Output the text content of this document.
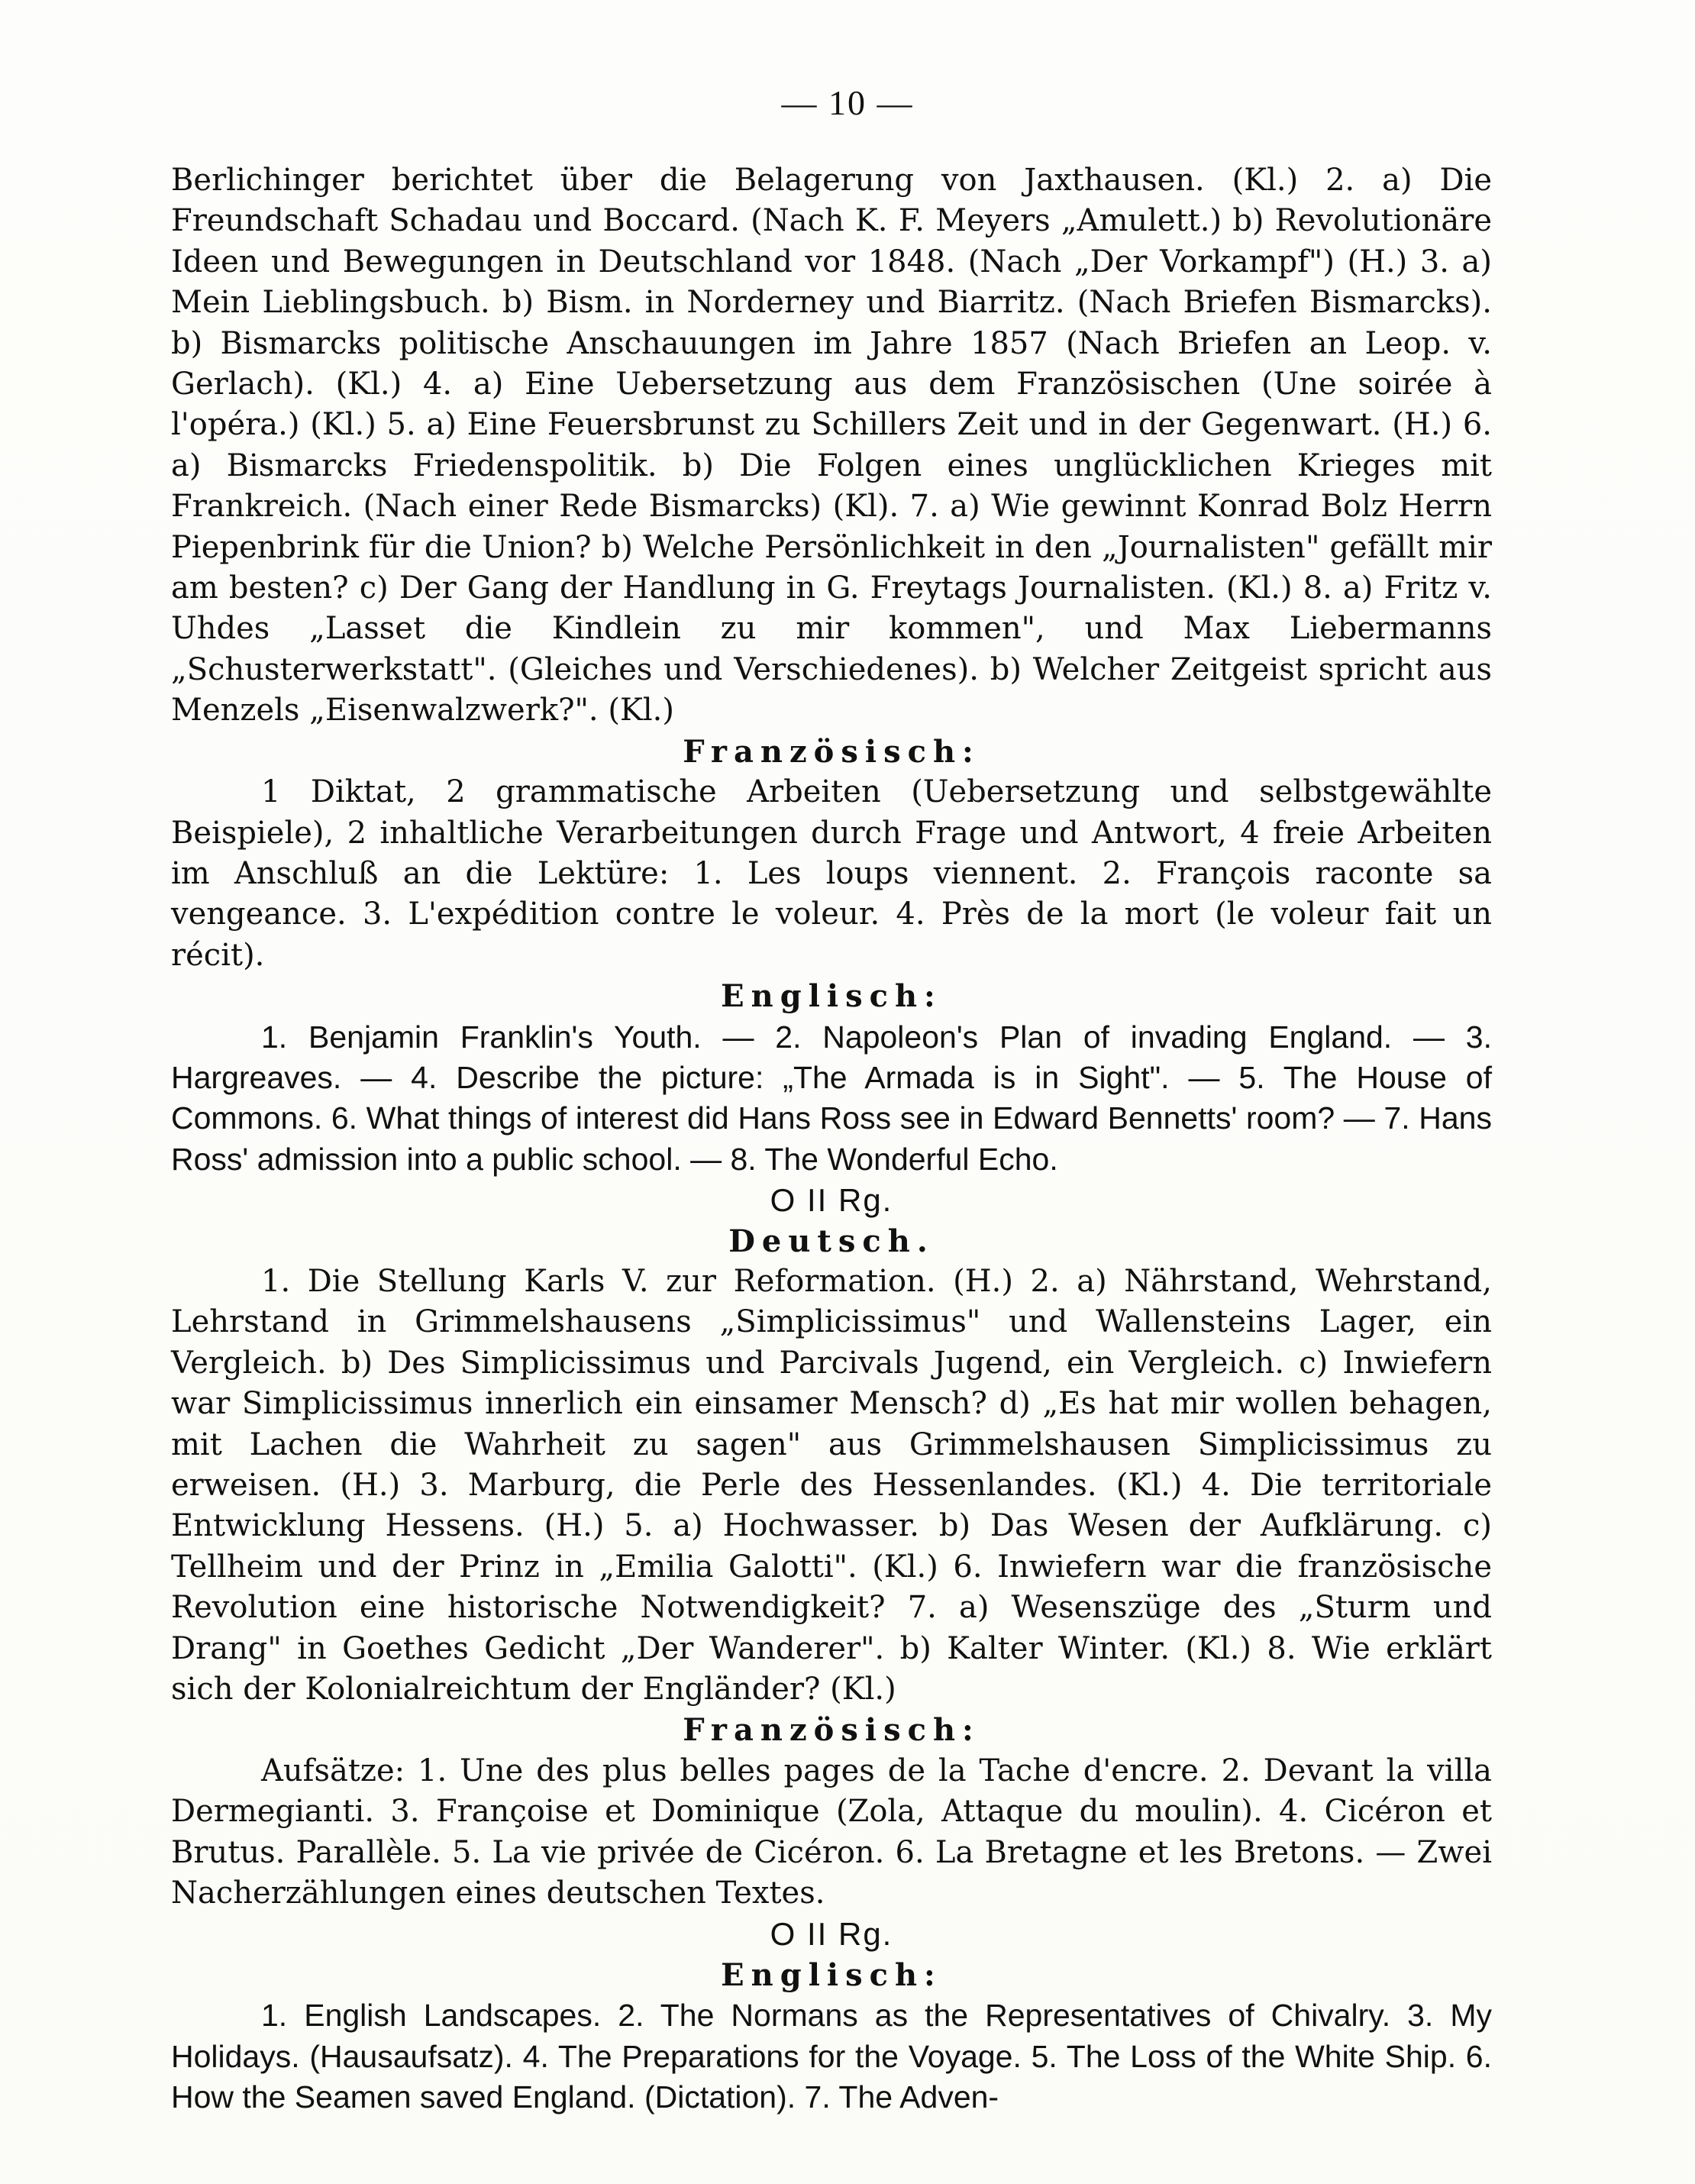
— 10 —

Berlichinger berichtet über die Belagerung von Jaxthausen. (Kl.) 2. a) Die Freundschaft Schadau und Boccard. (Nach K. F. Meyers „Amulett.) b) Revolutionäre Ideen und Bewegungen in Deutschland vor 1848. (Nach „Der Vorkampf") (H.) 3. a) Mein Lieblingsbuch. b) Bism. in Norderney und Biarritz. (Nach Briefen Bismarcks). b) Bismarcks politische Anschauungen im Jahre 1857 (Nach Briefen an Leop. v. Gerlach). (Kl.) 4. a) Eine Uebersetzung aus dem Französischen (Une soirée à l'opéra.) (Kl.) 5. a) Eine Feuersbrunst zu Schillers Zeit und in der Gegenwart. (H.) 6. a) Bismarcks Friedenspolitik. b) Die Folgen eines unglücklichen Krieges mit Frankreich. (Nach einer Rede Bismarcks) (Kl). 7. a) Wie gewinnt Konrad Bolz Herrn Piepenbrink für die Union? b) Welche Persönlichkeit in den „Journalisten" gefällt mir am besten? c) Der Gang der Handlung in G. Freytags Journalisten. (Kl.) 8. a) Fritz v. Uhdes „Lasset die Kindlein zu mir kommen", und Max Liebermanns „Schusterwerkstatt". (Gleiches und Verschiedenes). b) Welcher Zeitgeist spricht aus Menzels „Eisenwalzwerk?". (Kl.)

Französisch:

1 Diktat, 2 grammatische Arbeiten (Uebersetzung und selbstgewählte Beispiele), 2 inhaltliche Verarbeitungen durch Frage und Antwort, 4 freie Arbeiten im Anschluß an die Lektüre: 1. Les loups viennent. 2. François raconte sa vengeance. 3. L'expédition contre le voleur. 4. Près de la mort (le voleur fait un récit).

Englisch:

1. Benjamin Franklin's Youth. — 2. Napoleon's Plan of invading England. — 3. Hargreaves. — 4. Describe the picture: „The Armada is in Sight". — 5. The House of Commons. 6. What things of interest did Hans Ross see in Edward Bennetts' room? — 7. Hans Ross' admission into a public school. — 8. The Wonderful Echo.

O II Rg.

Deutsch.

1. Die Stellung Karls V. zur Reformation. (H.) 2. a) Nährstand, Wehrstand, Lehrstand in Grimmelshausens „Simplicissimus" und Wallensteins Lager, ein Vergleich. b) Des Simplicissimus und Parcivals Jugend, ein Vergleich. c) Inwiefern war Simplicissimus innerlich ein einsamer Mensch? d) „Es hat mir wollen behagen, mit Lachen die Wahrheit zu sagen" aus Grimmelshausen Simplicissimus zu erweisen. (H.) 3. Marburg, die Perle des Hessenlandes. (Kl.) 4. Die territoriale Entwicklung Hessens. (H.) 5. a) Hochwasser. b) Das Wesen der Aufklärung. c) Tellheim und der Prinz in „Emilia Galotti". (Kl.) 6. Inwiefern war die französische Revolution eine historische Notwendigkeit? 7. a) Wesenszüge des „Sturm und Drang" in Goethes Gedicht „Der Wanderer". b) Kalter Winter. (Kl.) 8. Wie erklärt sich der Kolonialreichtum der Engländer? (Kl.)

Französisch:

Aufsätze: 1. Une des plus belles pages de la Tache d'encre. 2. Devant la villa Dermegianti. 3. Françoise et Dominique (Zola, Attaque du moulin). 4. Cicéron et Brutus. Parallèle. 5. La vie privée de Cicéron. 6. La Bretagne et les Bretons. — Zwei Nacherzählungen eines deutschen Textes.

O II Rg.

Englisch:

1. English Landscapes. 2. The Normans as the Representatives of Chivalry. 3. My Holidays. (Hausaufsatz). 4. The Preparations for the Voyage. 5. The Loss of the White Ship. 6. How the Seamen saved England. (Dictation). 7. The Adven-
